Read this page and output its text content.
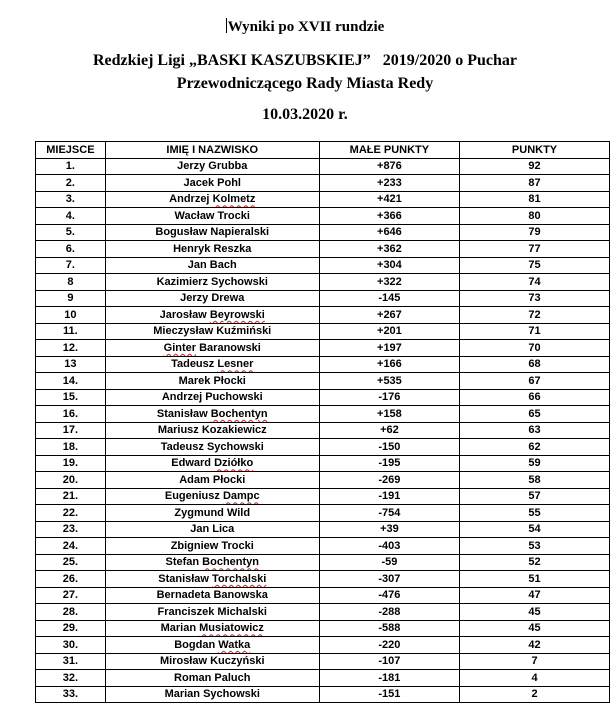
Wyniki po XVII rundzie
Redzkiej Ligi „BASKI KASZUBSKIEJ”   2019/2020 o Puchar
Przewodniczącego Rady Miasta Redy
10.03.2020 r.
MIEJSCE	IMIĘ I NAZWISKO	MAŁE PUNKTY	PUNKTY
1.	Jerzy Grubba	+876	92
2.	Jacek Pohl	+233	87
3.	Andrzej Kolmetz	+421	81
4.	Wacław Trocki	+366	80
5.	Bogusław Napieralski	+646	79
6.	Henryk Reszka	+362	77
7.	Jan Bach	+304	75
8	Kazimierz Sychowski	+322	74
9	Jerzy Drewa	-145	73
10	Jarosław Beyrowski	+267	72
11.	Mieczysław Kuźmiński	+201	71
12.	Ginter Baranowski	+197	70
13	Tadeusz Lesner	+166	68
14.	Marek Płocki	+535	67
15.	Andrzej Puchowski	-176	66
16.	Stanisław Bochentyn	+158	65
17.	Mariusz Kozakiewicz	+62	63
18.	Tadeusz Sychowski	-150	62
19.	Edward Dziółko	-195	59
20.	Adam Płocki	-269	58
21.	Eugeniusz Dampc	-191	57
22.	Zygmund Wild	-754	55
23.	Jan Lica	+39	54
24.	Zbigniew Trocki	-403	53
25.	Stefan Bochentyn	-59	52
26.	Stanisław Torchalski	-307	51
27.	Bernadeta Banowska	-476	47
28.	Franciszek Michalski	-288	45
29.	Marian Musiatowicz	-588	45
30.	Bogdan Watka	-220	42
31.	Mirosław Kuczyński	-107	7
32.	Roman Paluch	-181	4
33.	Marian Sychowski	-151	2
